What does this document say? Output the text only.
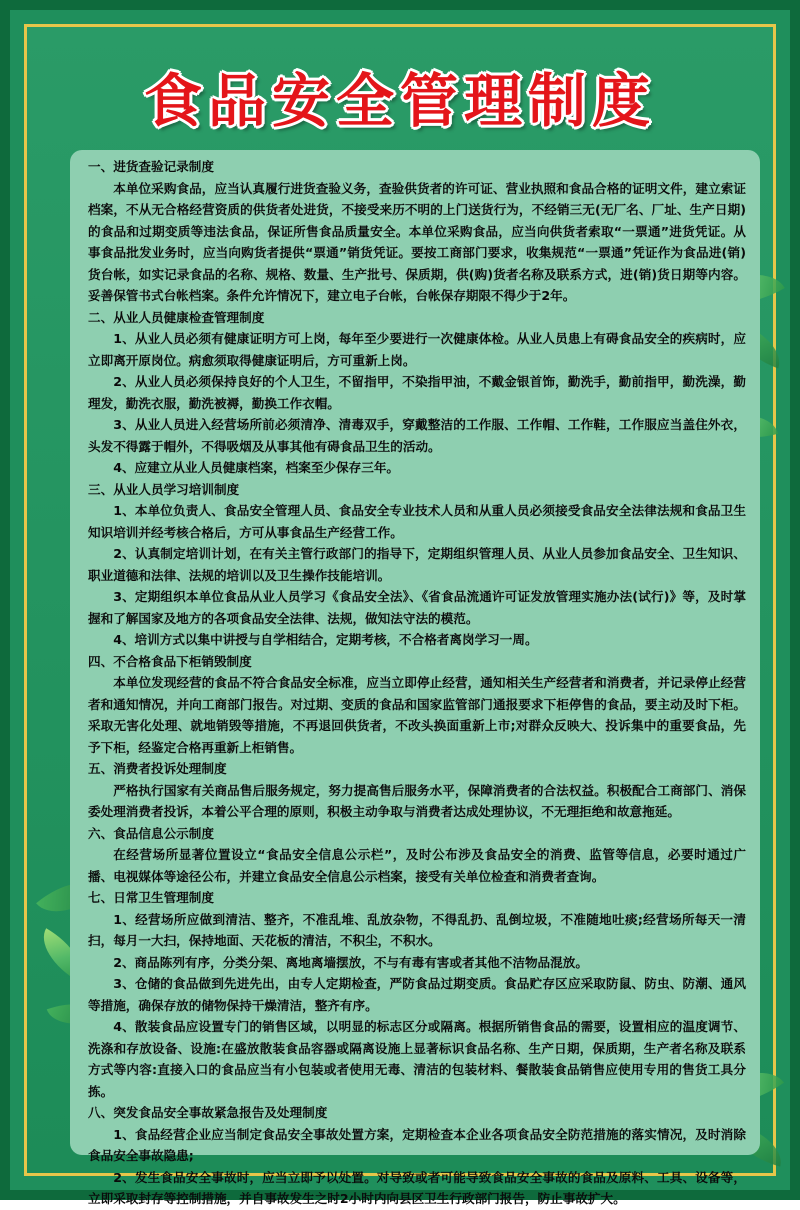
食品安全管理制度
一、进货查验记录制度
本单位采购食品，应当认真履行进货查验义务，查验供货者的许可证、营业执照和食品合格的证明文件，建立索证档案，不从无合格经营资质的供货者处进货，不接受来历不明的上门送货行为，不经销三无(无厂名、厂址、生产日期)的食品和过期变质等违法食品，保证所售食品质量安全。本单位采购食品，应当向供货者索取“一票通”进货凭证。从事食品批发业务时，应当向购货者提供“票通”销货凭证。要按工商部门要求，收集规范“一票通”凭证作为食品进(销)货台帐，如实记录食品的名称、规格、数量、生产批号、保质期，供(购)货者名称及联系方式，进(销)货日期等内容。妥善保管书式台帐档案。条件允许情况下，建立电子台帐，台帐保存期限不得少于2年。
二、从业人员健康检查管理制度
1、从业人员必须有健康证明方可上岗，每年至少要进行一次健康体检。从业人员患上有碍食品安全的疾病时，应立即离开原岗位。病愈须取得健康证明后，方可重新上岗。
2、从业人员必须保持良好的个人卫生，不留指甲，不染指甲油，不戴金银首饰，勤洗手，勤前指甲，勤洗澡，勤理发，勤洗衣服，勤洗被褥，勤换工作衣帽。
3、从业人员进入经营场所前必须清净、清毒双手，穿戴整洁的工作服、工作帽、工作鞋，工作服应当盖住外衣，头发不得露于帽外，不得吸烟及从事其他有碍食品卫生的活动。
4、应建立从业人员健康档案，档案至少保存三年。
三、从业人员学习培训制度
1、本单位负责人、食品安全管理人员、食品安全专业技术人员和从重人员必须接受食品安全法律法规和食品卫生知识培训并经考核合格后，方可从事食品生产经营工作。
2、认真制定培训计划，在有关主管行政部门的指导下，定期组织管理人员、从业人员参加食品安全、卫生知识、职业道德和法律、法规的培训以及卫生操作技能培训。
3、定期组织本单位食品从业人员学习《食品安全法》、《省食品流通许可证发放管理实施办法(试行)》等，及时掌握和了解国家及地方的各项食品安全法律、法规，做知法守法的模范。
4、培训方式以集中讲授与自学相结合，定期考核，不合格者离岗学习一周。
四、不合格食品下柜销毁制度
本单位发现经营的食品不符合食品安全标准，应当立即停止经营，通知相关生产经营者和消费者，并记录停止经营者和通知情况，并向工商部门报告。对过期、变质的食品和国家监管部门通报要求下柜停售的食品，要主动及时下柜。采取无害化处理、就地销毁等措施，不再退回供货者，不改头换面重新上市;对群众反映大、投诉集中的重要食品，先予下柜，经鉴定合格再重新上柜销售。
五、消费者投诉处理制度
严格执行国家有关商品售后服务规定，努力提高售后服务水平，保障消费者的合法权益。积极配合工商部门、消保委处理消费者投诉，本着公平合理的原则，积极主动争取与消费者达成处理协议，不无理拒绝和故意拖延。
六、食品信息公示制度
在经营场所显著位置设立“食品安全信息公示栏”，及时公布涉及食品安全的消费、监管等信息，必要时通过广播、电视媒体等途径公布，并建立食品安全信息公示档案，接受有关单位检查和消费者查询。
七、日常卫生管理制度
1、经营场所应做到清洁、整齐，不准乱堆、乱放杂物，不得乱扔、乱倒垃圾，不准随地吐痰;经营场所每天一清扫，每月一大扫，保持地面、天花板的清洁，不积尘，不积水。
2、商品陈列有序，分类分架、离地离墙摆放，不与有毒有害或者其他不洁物品混放。
3、仓储的食品做到先进先出，由专人定期检查，严防食品过期变质。食品贮存区应采取防鼠、防虫、防潮、通风等措施，确保存放的储物保持干燥清洁，整齐有序。
4、散装食品应设置专门的销售区域，以明显的标志区分或隔离。根据所销售食品的需要，设置相应的温度调节、洗涤和存放设备、设施:在盛放散装食品容器或隔离设施上显著标识食品名称、生产日期，保质期，生产者名称及联系方式等内容:直接入口的食品应当有小包装或者使用无毒、清洁的包装材料、餐散装食品销售应使用专用的售货工具分拣。
八、突发食品安全事故紧急报告及处理制度
1、食品经营企业应当制定食品安全事故处置方案，定期检查本企业各项食品安全防范措施的落实情况，及时消除食品安全事故隐患;
2、发生食品安全事故时，应当立即予以处置。对导致或者可能导致食品安全事故的食品及原料、工具、设备等，立即采取封存等控制措施，并自事故发生之时2小时内向县区卫生行政部门报告，防止事故扩大。
